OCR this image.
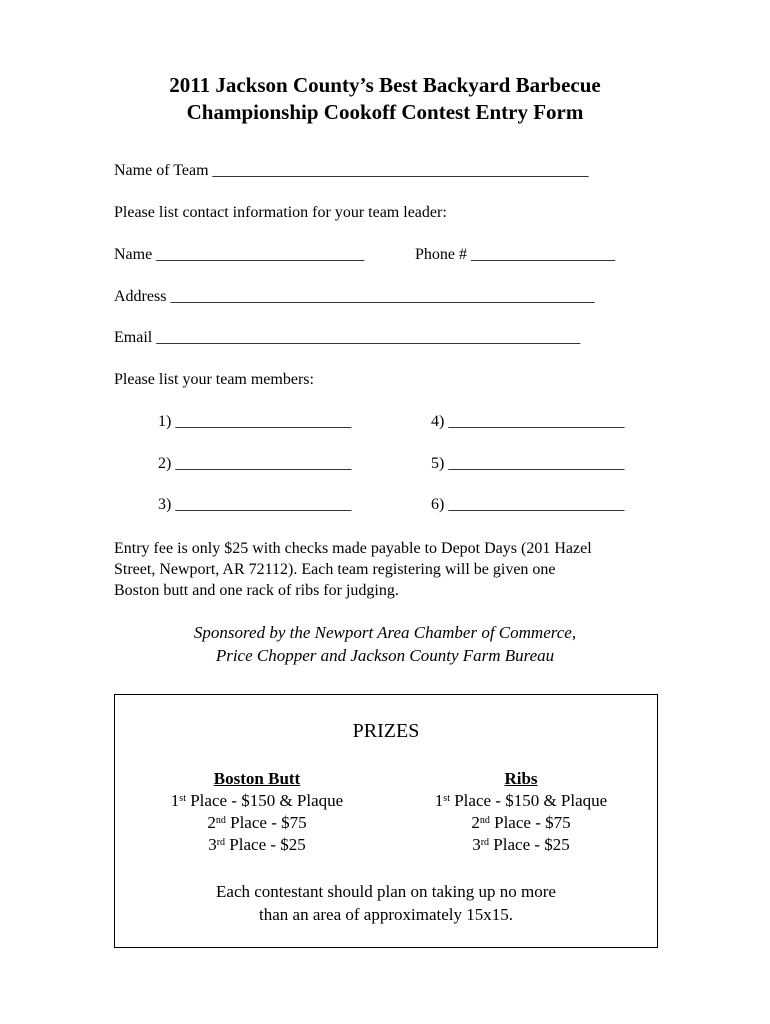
2011 Jackson County’s Best Backyard Barbecue
Championship Cookoff Contest Entry Form
Name of Team _______________________________________________
Please list contact information for your team leader:
Name __________________________	Phone # __________________
Address _____________________________________________________
Email _____________________________________________________
Please list your team members:
1) ______________________
2) ______________________
3) ______________________
4) ______________________
5) ______________________
6) ______________________
Entry fee is only $25 with checks made payable to Depot Days (201 Hazel
Street, Newport, AR 72112). Each team registering will be given one
Boston butt and one rack of ribs for judging.
Sponsored by the Newport Area Chamber of Commerce,
Price Chopper and Jackson County Farm Bureau
PRIZES
Boston Butt
1st Place - $150 & Plaque
2nd Place - $75
3rd Place - $25
Ribs
1st Place - $150 & Plaque
2nd Place - $75
3rd Place - $25
Each contestant should plan on taking up no more
than an area of approximately 15x15.
